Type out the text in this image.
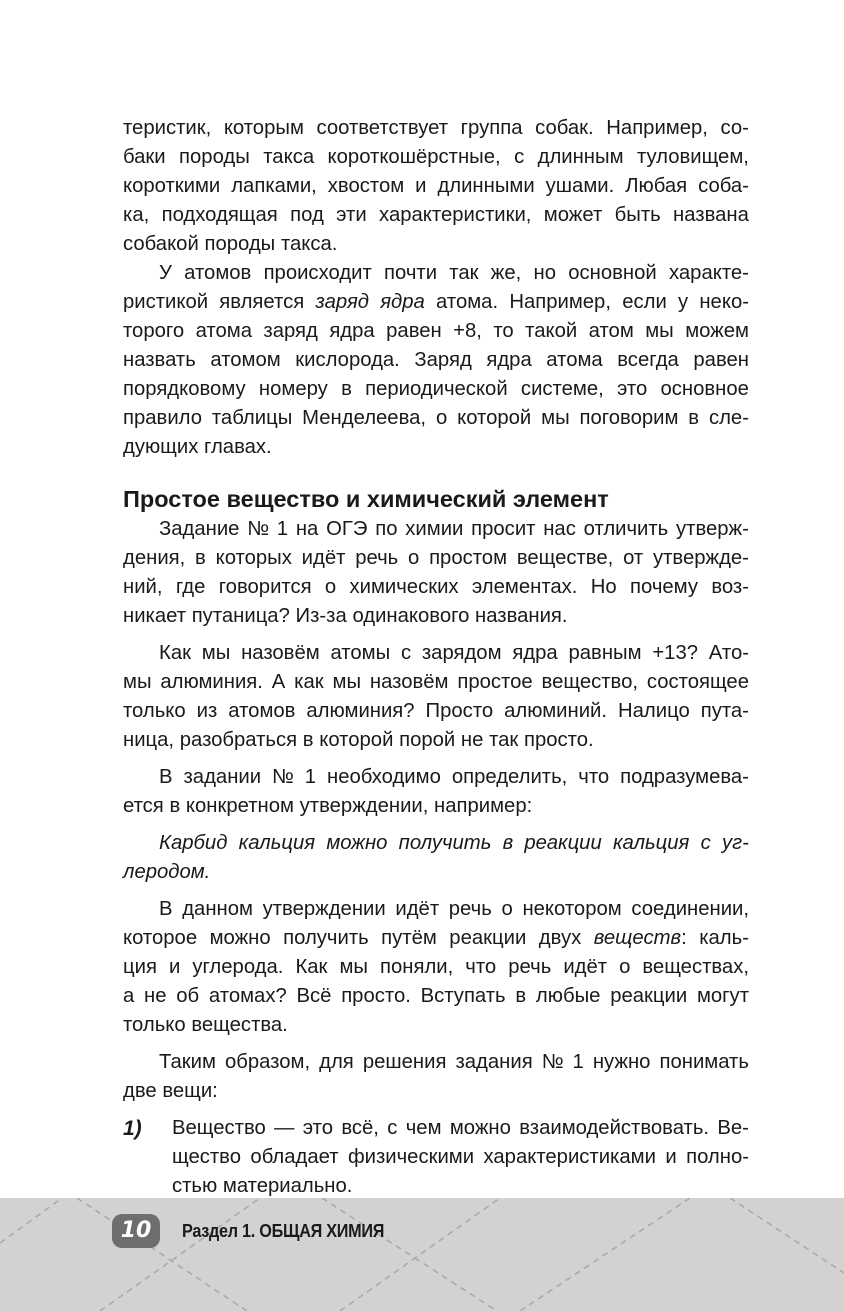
теристик, которым соответствует группа собак. Например, со-
баки породы такса короткошёрстные, с длинным туловищем,
короткими лапками, хвостом и длинными ушами. Любая соба-
ка, подходящая под эти характеристики, может быть названа
собакой породы такса.
У атомов происходит почти так же, но основной характе-
ристикой является заряд ядра атома. Например, если у неко-
торого атома заряд ядра равен +8, то такой атом мы можем
назвать атомом кислорода. Заряд ядра атома всегда равен
порядковому номеру в периодической системе, это основное
правило таблицы Менделеева, о которой мы поговорим в сле-
дующих главах.
Простое вещество и химический элемент
Задание № 1 на ОГЭ по химии просит нас отличить утверж-
дения, в которых идёт речь о простом веществе, от утвержде-
ний, где говорится о химических элементах. Но почему воз-
никает путаница? Из-за одинакового названия.
Как мы назовём атомы с зарядом ядра равным +13? Ато-
мы алюминия. А как мы назовём простое вещество, состоящее
только из атомов алюминия? Просто алюминий. Налицо пута-
ница, разобраться в которой порой не так просто.
В задании № 1 необходимо определить, что подразумева-
ется в конкретном утверждении, например:
Карбид кальция можно получить в реакции кальция с уг-
леродом.
В данном утверждении идёт речь о некотором соединении,
которое можно получить путём реакции двух веществ: каль-
ция и углерода. Как мы поняли, что речь идёт о веществах,
а не об атомах? Всё просто. Вступать в любые реакции могут
только вещества.
Таким образом, для решения задания № 1 нужно понимать
две вещи:
1) Вещество — это всё, с чем можно взаимодействовать. Ве-
щество обладает физическими характеристиками и полно-
стью материально.
10	Раздел 1. ОБЩАЯ ХИМИЯ
